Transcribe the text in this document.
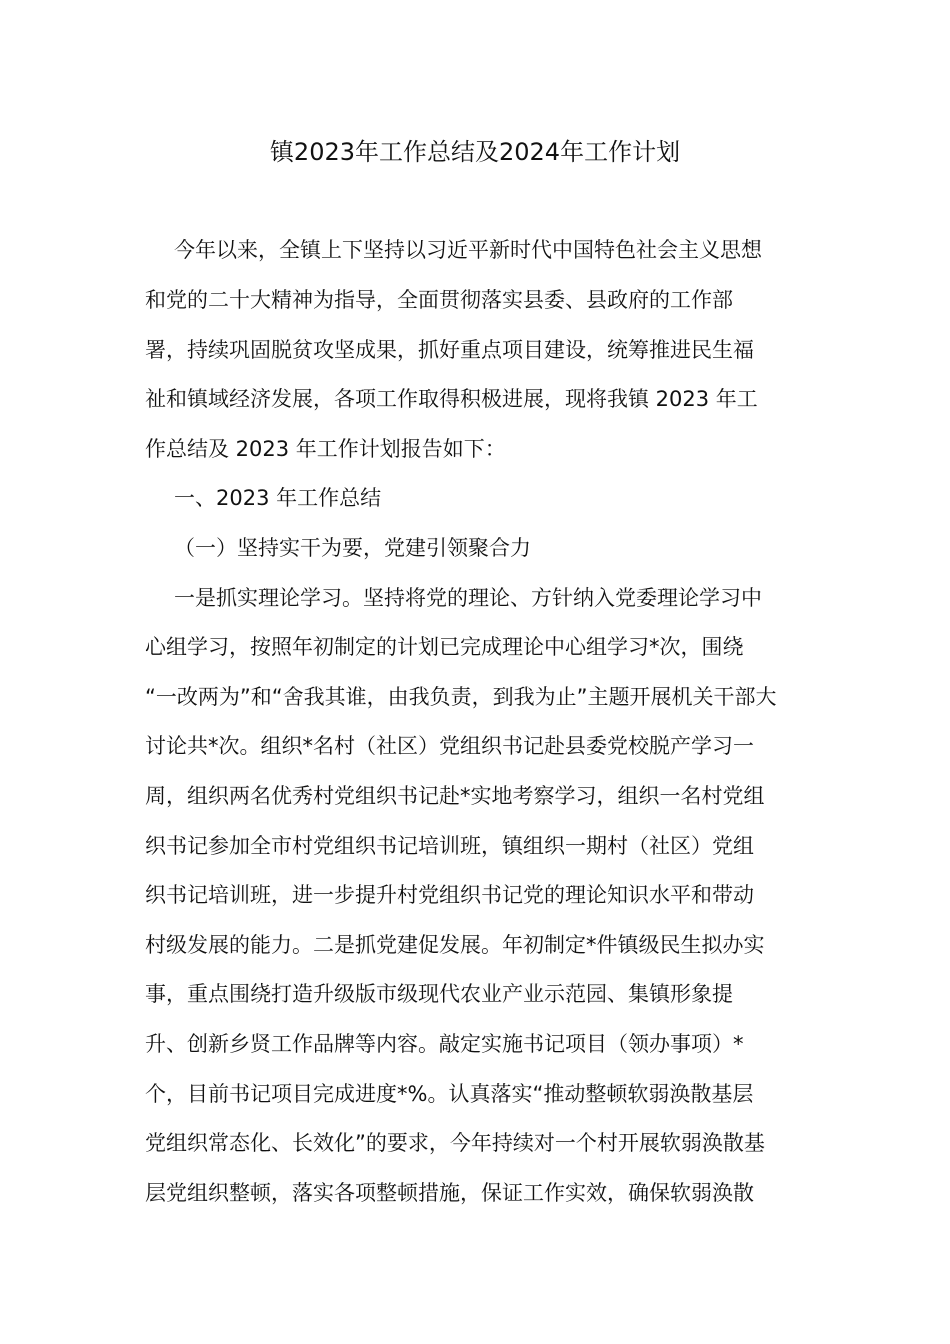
镇2023年工作总结及2024年工作计划
今年以来，全镇上下坚持以习近平新时代中国特色社会主义思想
和党的二十大精神为指导，全面贯彻落实县委、县政府的工作部
署，持续巩固脱贫攻坚成果，抓好重点项目建设，统筹推进民生福
祉和镇域经济发展，各项工作取得积极进展，现将我镇 2023 年工
作总结及 2023 年工作计划报告如下：
一、2023 年工作总结
（一）坚持实干为要，党建引领聚合力
一是抓实理论学习。坚持将党的理论、方针纳入党委理论学习中
心组学习，按照年初制定的计划已完成理论中心组学习*次，围绕
“一改两为”和“舍我其谁，由我负责，到我为止”主题开展机关干部大
讨论共*次。组织*名村（社区）党组织书记赴县委党校脱产学习一
周，组织两名优秀村党组织书记赴*实地考察学习，组织一名村党组
织书记参加全市村党组织书记培训班，镇组织一期村（社区）党组
织书记培训班，进一步提升村党组织书记党的理论知识水平和带动
村级发展的能力。二是抓党建促发展。年初制定*件镇级民生拟办实
事，重点围绕打造升级版市级现代农业产业示范园、集镇形象提
升、创新乡贤工作品牌等内容。敲定实施书记项目（领办事项）*
个，目前书记项目完成进度*%。认真落实“推动整顿软弱涣散基层
党组织常态化、长效化”的要求，今年持续对一个村开展软弱涣散基
层党组织整顿，落实各项整顿措施，保证工作实效，确保软弱涣散
